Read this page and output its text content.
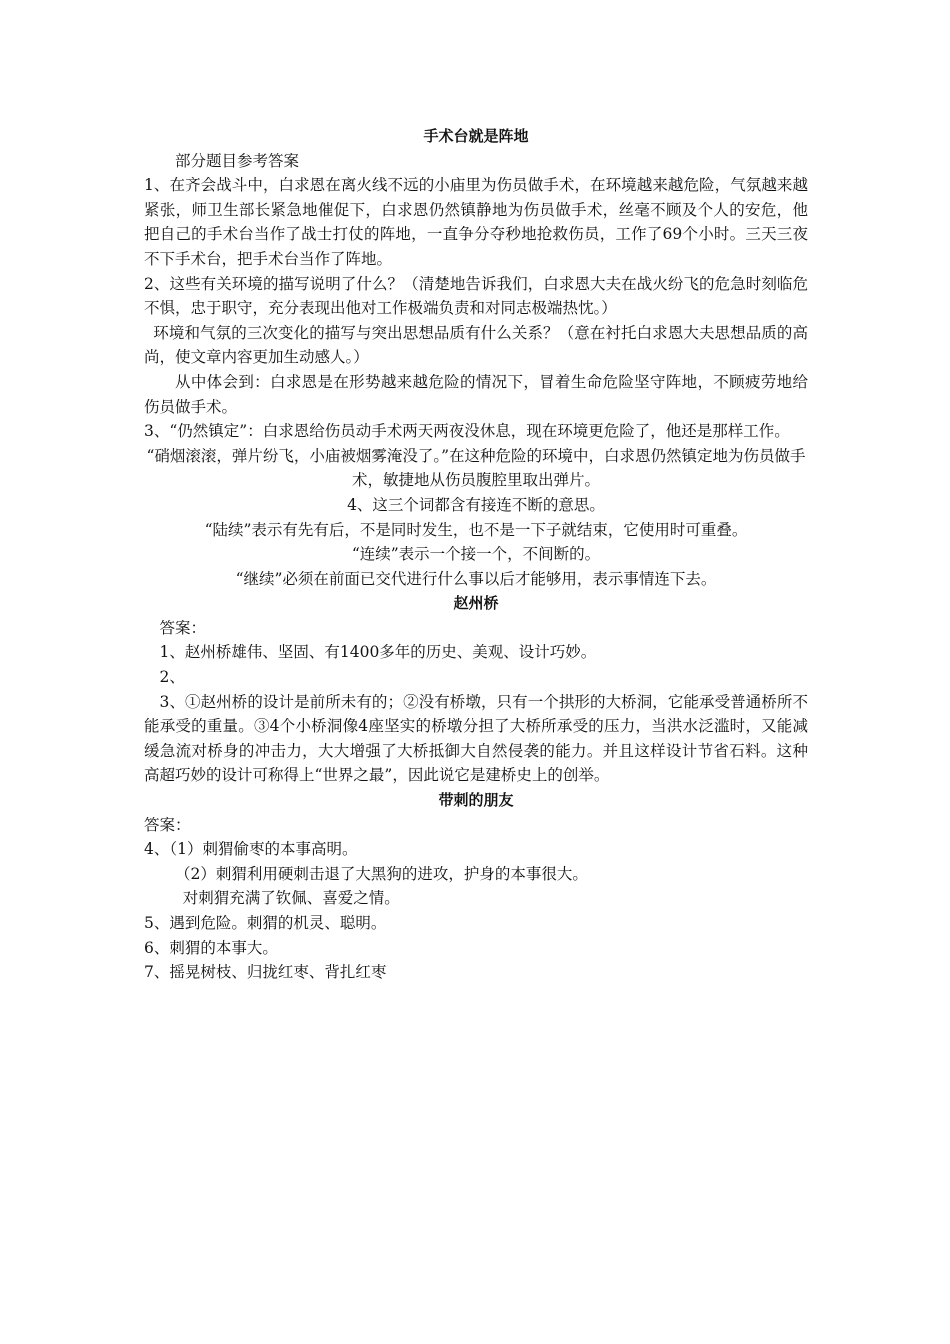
手术台就是阵地

部分题目参考答案

1、在齐会战斗中，白求恩在离火线不远的小庙里为伤员做手术，在环境越来越危险，气氛越来越紧张，师卫生部长紧急地催促下，白求恩仍然镇静地为伤员做手术，丝毫不顾及个人的安危，他把自己的手术台当作了战士打仗的阵地，一直争分夺秒地抢救伤员，工作了69个小时。三天三夜不下手术台，把手术台当作了阵地。

2、这些有关环境的描写说明了什么？（清楚地告诉我们，白求恩大夫在战火纷飞的危急时刻临危不惧，忠于职守，充分表现出他对工作极端负责和对同志极端热忱。）

环境和气氛的三次变化的描写与突出思想品质有什么关系？（意在衬托白求恩大夫思想品质的高尚，使文章内容更加生动感人。）

从中体会到：白求恩是在形势越来越危险的情况下，冒着生命危险坚守阵地，不顾疲劳地给伤员做手术。

3、“仍然镇定”：白求恩给伤员动手术两天两夜没休息，现在环境更危险了，他还是那样工作。

“硝烟滚滚，弹片纷飞，小庙被烟雾淹没了。”在这种危险的环境中，白求恩仍然镇定地为伤员做手术，敏捷地从伤员腹腔里取出弹片。

4、这三个词都含有接连不断的意思。

“陆续”表示有先有后，不是同时发生，也不是一下子就结束，它使用时可重叠。

“连续”表示一个接一个，不间断的。

“继续”必须在前面已交代进行什么事以后才能够用，表示事情连下去。

赵州桥

答案：

1、赵州桥雄伟、坚固、有1400多年的历史、美观、设计巧妙。

2、

3、①赵州桥的设计是前所未有的；②没有桥墩，只有一个拱形的大桥洞，它能承受普通桥所不能承受的重量。③4个小桥洞像4座坚实的桥墩分担了大桥所承受的压力，当洪水泛滥时，又能减缓急流对桥身的冲击力，大大增强了大桥抵御大自然侵袭的能力。并且这样设计节省石料。这种高超巧妙的设计可称得上“世界之最”，因此说它是建桥史上的创举。

带刺的朋友

答案：

4、（1）刺猬偷枣的本事高明。

（2）刺猬利用硬刺击退了大黑狗的进攻，护身的本事很大。

对刺猬充满了钦佩、喜爱之情。

5、遇到危险。刺猬的机灵、聪明。

6、刺猬的本事大。

7、摇晃树枝、归拢红枣、背扎红枣
